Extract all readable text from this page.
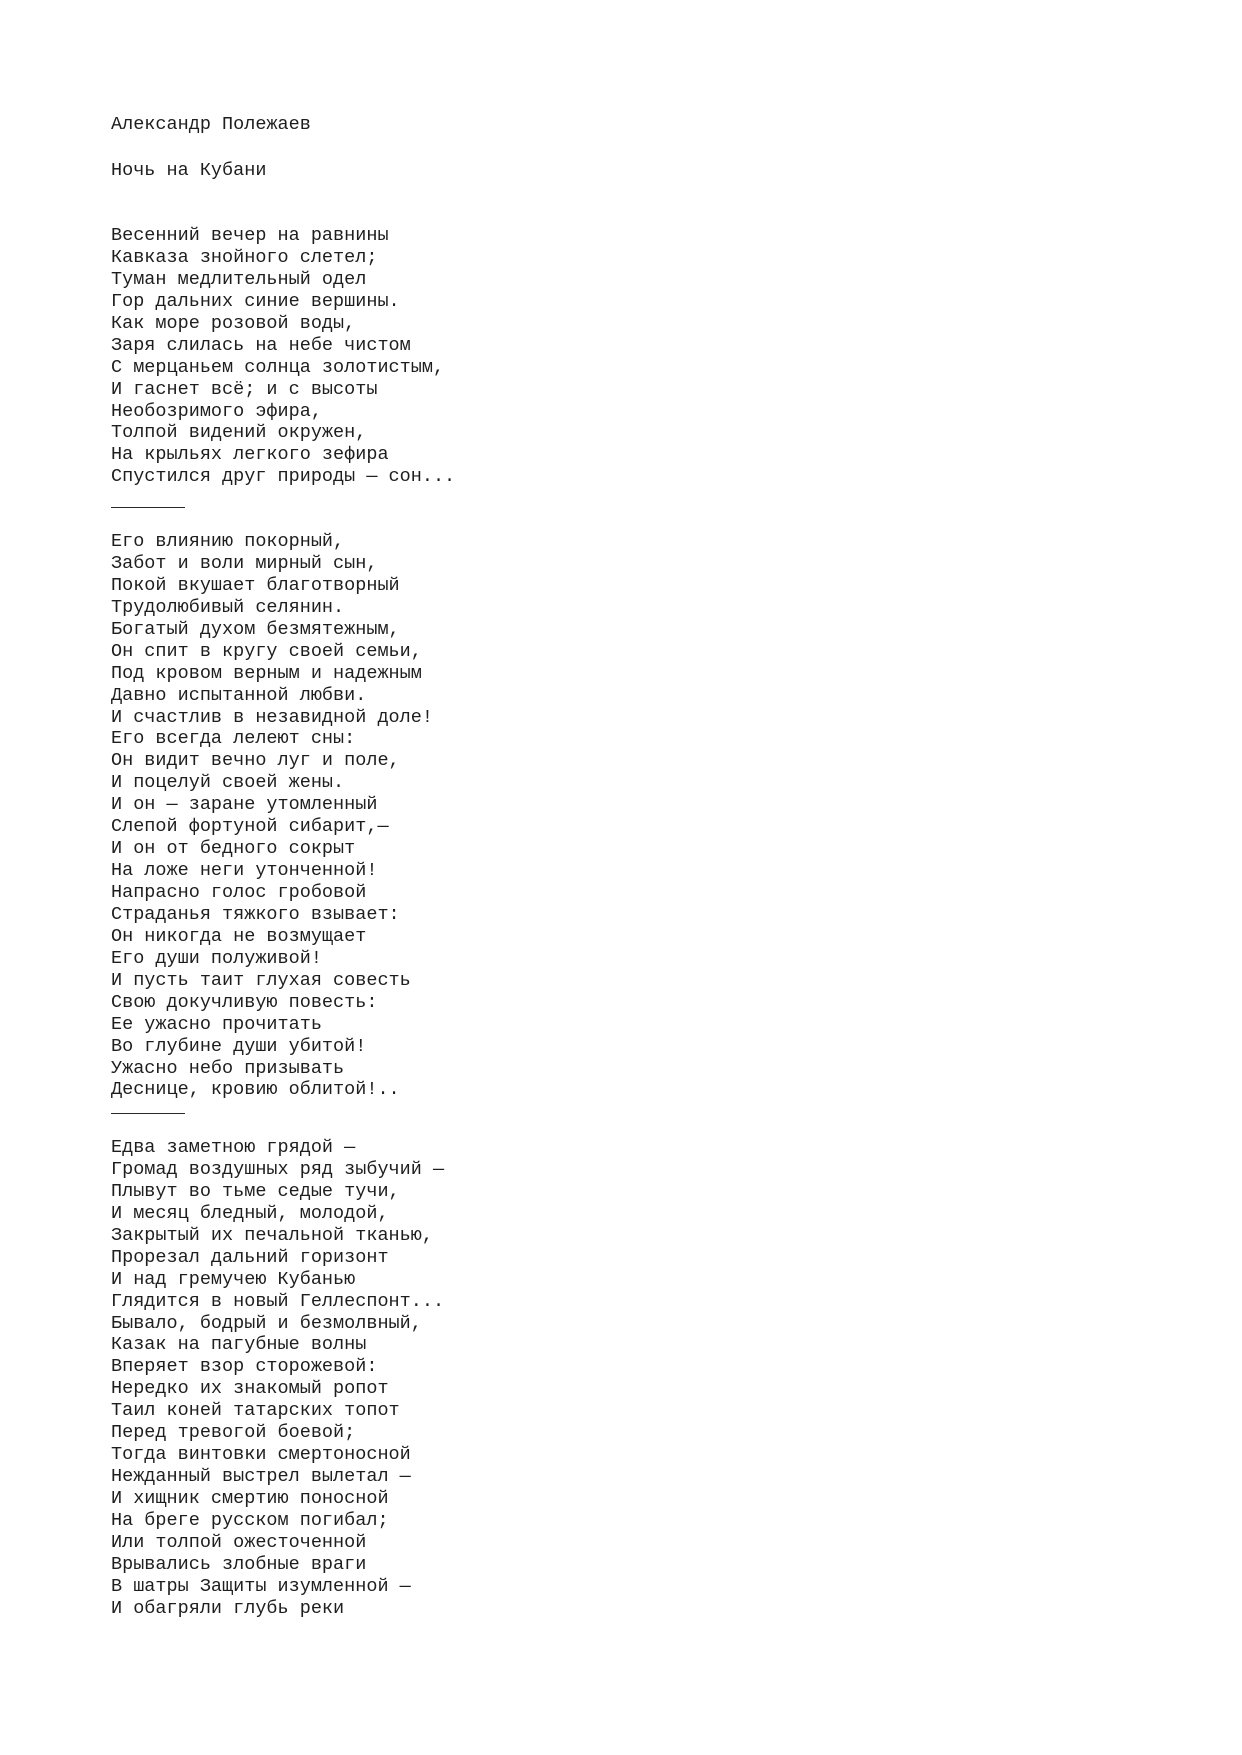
Александр Полежаев
Ночь на Кубани
Весенний вечер на равнины
Кавказа знойного слетел;
Туман медлительный одел
Гор дальних синие вершины.
Как море розовой воды,
Заря слилась на небе чистом
С мерцаньем солнца золотистым,
И гаснет всё; и с высоты
Необозримого эфира,
Толпой видений окружен,
На крыльях легкого зефира
Спустился друг природы — сон...
Его влиянию покорный,
Забот и воли мирный сын,
Покой вкушает благотворный
Трудолюбивый селянин.
Богатый духом безмятежным,
Он спит в кругу своей семьи,
Под кровом верным и надежным
Давно испытанной любви.
И счастлив в незавидной доле!
Его всегда лелеют сны:
Он видит вечно луг и поле,
И поцелуй своей жены.
И он — заране утомленный
Слепой фортуной сибарит,—
И он от бедного сокрыт
На ложе неги утонченной!
Напрасно голос гробовой
Страданья тяжкого взывает:
Он никогда не возмущает
Его души полуживой!
И пусть таит глухая совесть
Свою докучливую повесть:
Ее ужасно прочитать
Во глубине души убитой!
Ужасно небо призывать
Деснице, кровию облитой!..
Едва заметною грядой —
Громад воздушных ряд зыбучий —
Плывут во тьме седые тучи,
И месяц бледный, молодой,
Закрытый их печальной тканью,
Прорезал дальний горизонт
И над гремучею Кубанью
Глядится в новый Геллеспонт...
Бывало, бодрый и безмолвный,
Казак на пагубные волны
Вперяет взор сторожевой:
Нередко их знакомый ропот
Таил коней татарских топот
Перед тревогой боевой;
Тогда винтовки смертоносной
Нежданный выстрел вылетал —
И хищник смертию поносной
На бреге русском погибал;
Или толпой ожесточенной
Врывались злобные враги
В шатры Защиты изумленной —
И обагряли глубь реки
